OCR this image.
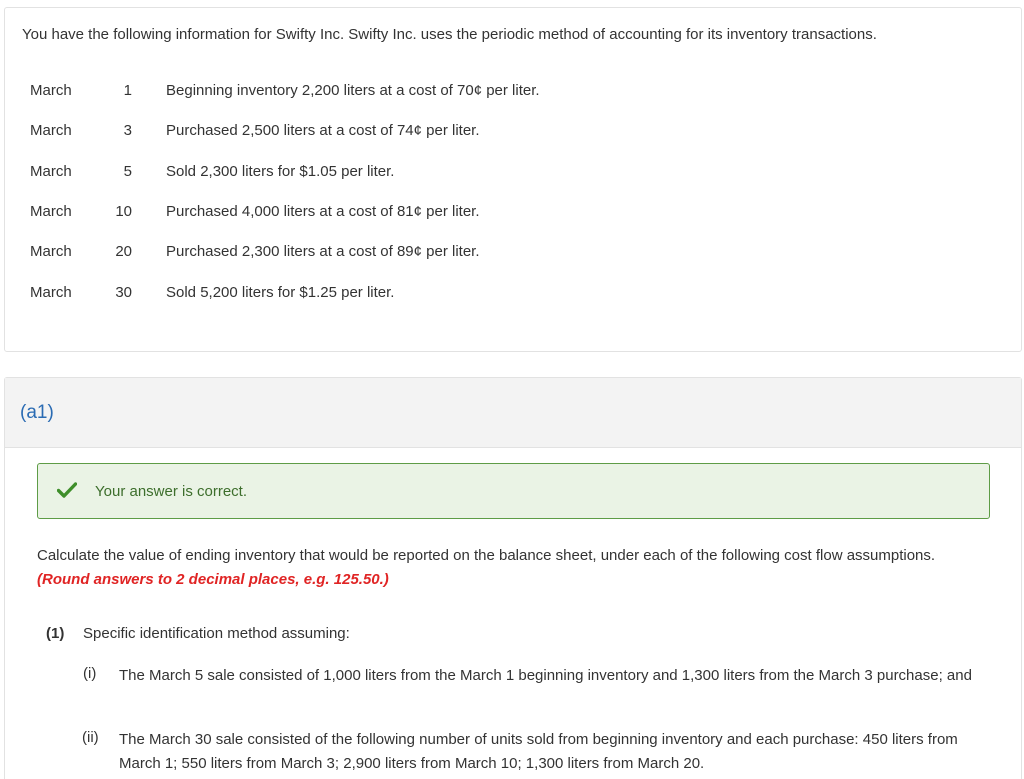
You have the following information for Swifty Inc. Swifty Inc. uses the periodic method of accounting for its inventory transactions.
March	1 Beginning inventory 2,200 liters at a cost of 70¢ per liter.
March	3 Purchased 2,500 liters at a cost of 74¢ per liter.
March	5 Sold 2,300 liters for $1.05 per liter.
March	10 Purchased 4,000 liters at a cost of 81¢ per liter.
March	20 Purchased 2,300 liters at a cost of 89¢ per liter.
March	30 Sold 5,200 liters for $1.25 per liter.
(a1)
Your answer is correct.
Calculate the value of ending inventory that would be reported on the balance sheet, under each of the following cost flow assumptions. (Round answers to 2 decimal places, e.g. 125.50.)
(1) Specific identification method assuming:
(i) The March 5 sale consisted of 1,000 liters from the March 1 beginning inventory and 1,300 liters from the March 3 purchase; and
(ii) The March 30 sale consisted of the following number of units sold from beginning inventory and each purchase: 450 liters from March 1; 550 liters from March 3; 2,900 liters from March 10; 1,300 liters from March 20.
